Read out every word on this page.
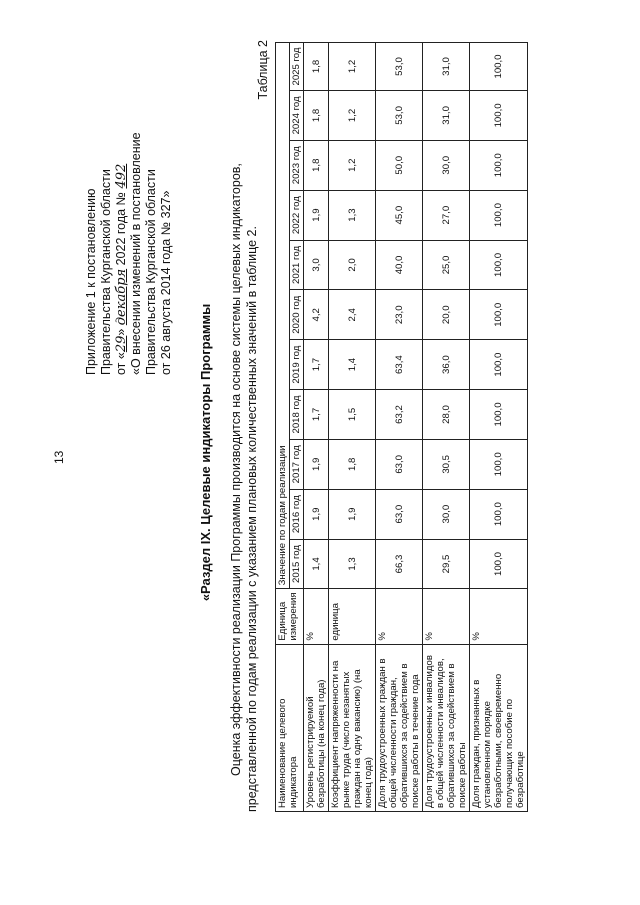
13
Приложение 1 к постановлению Правительства Курганской области от «29» декабря 2022 года № 492 «О внесении изменений в постановление Правительства Курганской области от 26 августа 2014 года № 327»
«Раздел IX. Целевые индикаторы Программы Оценка эффективности реализации Программы производится на основе системы целевых индикаторов, представленной по годам реализации с указанием плановых количественных значений в таблице 2.
Таблица 2
Наименование целевого индикатора	Единица измерения	Значение по годам реализации										
		2015 год	2016 год	2017 год	2018 год	2019 год	2020 год	2021 год	2022 год	2023 год	2024 год	2025 год
Уровень регистрируемой безработицы (на конец года)	%	1,4	1,9	1,9	1,7	1,7	4,2	3,0	1,9	1,8	1,8	1,8
Коэффициент напряженности на рынке труда (число незанятых граждан на одну вакансию) (на конец года)	единица	1,3	1,9	1,8	1,5	1,4	2,4	2,0	1,3	1,2	1,2	1,2
Доля трудоустроенных граждан в общей численности граждан, обратившихся за содействием в поиске работы в течение года	%	66,3	63,0	63,0	63,2	63,4	23,0	40,0	45,0	50,0	53,0	53,0
Доля трудоустроенных инвалидов в общей численности инвалидов, обратившихся за содействием в поиске работы	%	29,5	30,0	30,5	28,0	36,0	20,0	25,0	27,0	30,0	31,0	31,0
Доля граждан, признанных в установленном порядке безработными, своевременно получающих пособие по безработице	%	100,0	100,0	100,0	100,0	100,0	100,0	100,0	100,0	100,0	100,0	100,0
